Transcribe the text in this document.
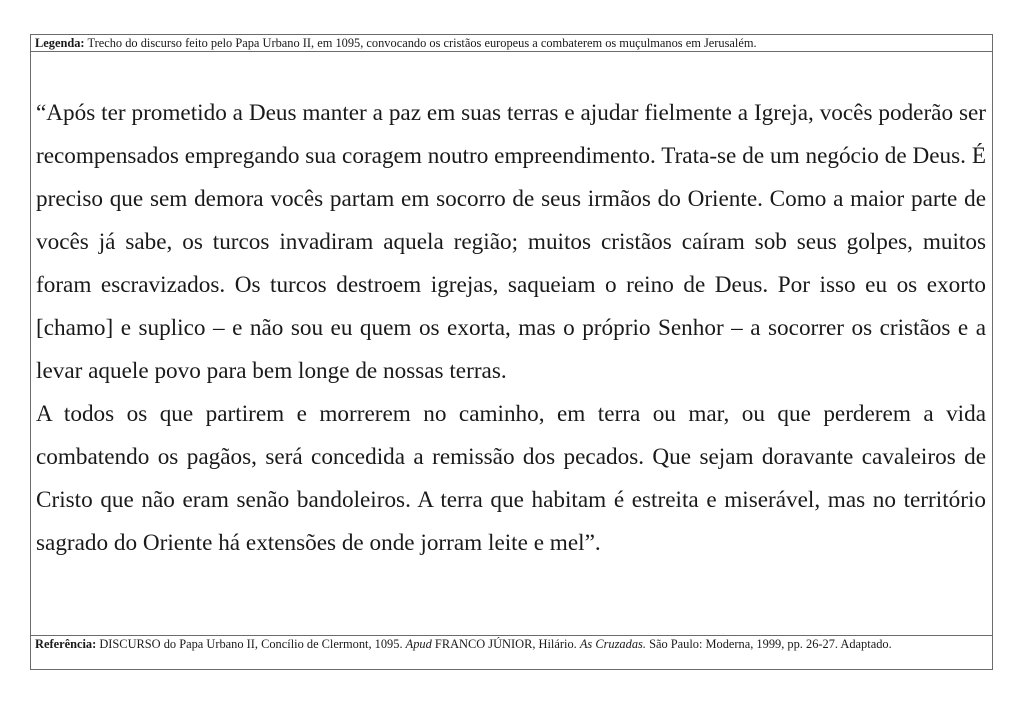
Legenda: Trecho do discurso feito pelo Papa Urbano II, em 1095, convocando os cristãos europeus a combaterem os muçulmanos em Jerusalém.

“Após ter prometido a Deus manter a paz em suas terras e ajudar fielmente a Igreja, vocês poderão ser recompensados empregando sua coragem noutro empreendimento. Trata-se de um negócio de Deus. É preciso que sem demora vocês partam em socorro de seus irmãos do Oriente. Como a maior parte de vocês já sabe, os turcos invadiram aquela região; muitos cristãos caíram sob seus golpes, muitos foram escravizados. Os turcos destroem igrejas, saqueiam o reino de Deus. Por isso eu os exorto [chamo] e suplico – e não sou eu quem os exorta, mas o próprio Senhor – a socorrer os cristãos e a levar aquele povo para bem longe de nossas terras.

A todos os que partirem e morrerem no caminho, em terra ou mar, ou que perderem a vida combatendo os pagãos, será concedida a remissão dos pecados. Que sejam doravante cavaleiros de Cristo que não eram senão bandoleiros. A terra que habitam é estreita e miserável, mas no território sagrado do Oriente há extensões de onde jorram leite e mel”.

Referência: DISCURSO do Papa Urbano II, Concílio de Clermont, 1095. Apud FRANCO JÚNIOR, Hilário. As Cruzadas. São Paulo: Moderna, 1999, pp. 26-27. Adaptado.
